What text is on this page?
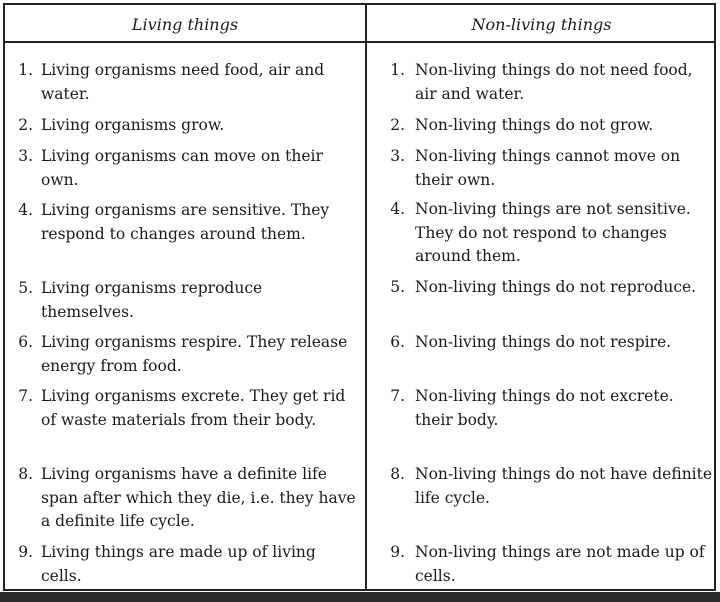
Living things	Non-living things
1. Living organisms need food, air and water.
2. Living organisms grow.
3. Living organisms can move on their own.
4. Living organisms are sensitive. They respond to changes around them.
5. Living organisms reproduce themselves.
6. Living organisms respire. They release energy from food.
7. Living organisms excrete. They get rid of waste materials from their body.
8. Living organisms have a definite life span after which they die, i.e. they have a definite life cycle.
9. Living things are made up of living cells.
1. Non-living things do not need food, air and water.
2. Non-living things do not grow.
3. Non-living things cannot move on their own.
4. Non-living things are not sensitive. They do not respond to changes around them.
5. Non-living things do not reproduce.
6. Non-living things do not respire.
7. Non-living things do not excrete. their body.
8. Non-living things do not have definite life cycle.
9. Non-living things are not made up of cells.
